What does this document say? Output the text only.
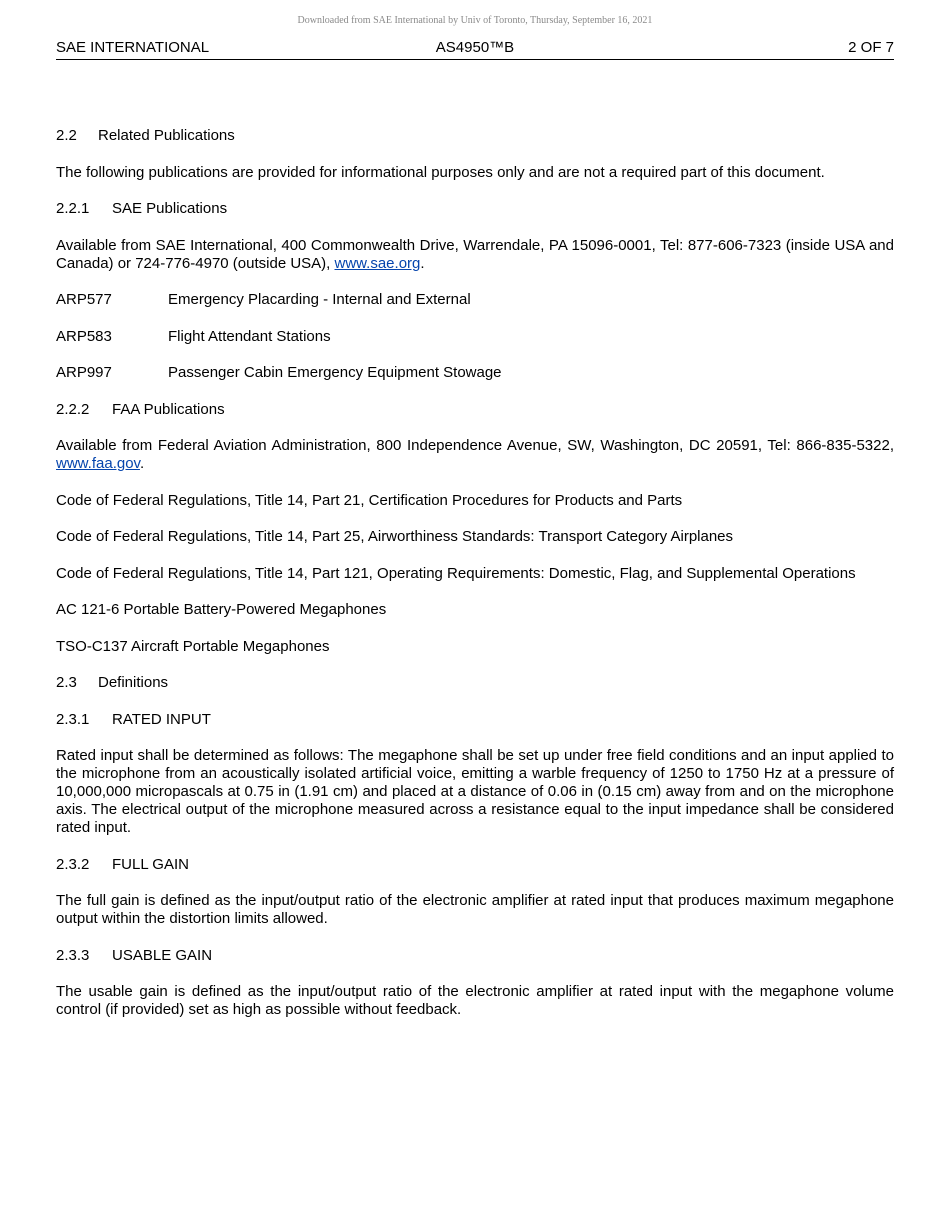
Downloaded from SAE International by Univ of Toronto, Thursday, September 16, 2021
SAE INTERNATIONAL	AS4950™B	2 OF 7

2.2 Related Publications

The following publications are provided for informational purposes only and are not a required part of this document.

2.2.1 SAE Publications

Available from SAE International, 400 Commonwealth Drive, Warrendale, PA 15096-0001, Tel: 877-606-7323 (inside USA and Canada) or 724-776-4970 (outside USA), www.sae.org.

ARP577	Emergency Placarding - Internal and External

ARP583	Flight Attendant Stations

ARP997	Passenger Cabin Emergency Equipment Stowage

2.2.2 FAA Publications

Available from Federal Aviation Administration, 800 Independence Avenue, SW, Washington, DC 20591, Tel: 866-835-5322, www.faa.gov.

Code of Federal Regulations, Title 14, Part 21, Certification Procedures for Products and Parts

Code of Federal Regulations, Title 14, Part 25, Airworthiness Standards: Transport Category Airplanes

Code of Federal Regulations, Title 14, Part 121, Operating Requirements: Domestic, Flag, and Supplemental Operations

AC 121-6 Portable Battery-Powered Megaphones

TSO-C137 Aircraft Portable Megaphones

2.3 Definitions

2.3.1 RATED INPUT

Rated input shall be determined as follows: The megaphone shall be set up under free field conditions and an input applied to the microphone from an acoustically isolated artificial voice, emitting a warble frequency of 1250 to 1750 Hz at a pressure of 10,000,000 micropascals at 0.75 in (1.91 cm) and placed at a distance of 0.06 in (0.15 cm) away from and on the microphone axis. The electrical output of the microphone measured across a resistance equal to the input impedance shall be considered rated input.

2.3.2 FULL GAIN

The full gain is defined as the input/output ratio of the electronic amplifier at rated input that produces maximum megaphone output within the distortion limits allowed.

2.3.3 USABLE GAIN

The usable gain is defined as the input/output ratio of the electronic amplifier at rated input with the megaphone volume control (if provided) set as high as possible without feedback.
